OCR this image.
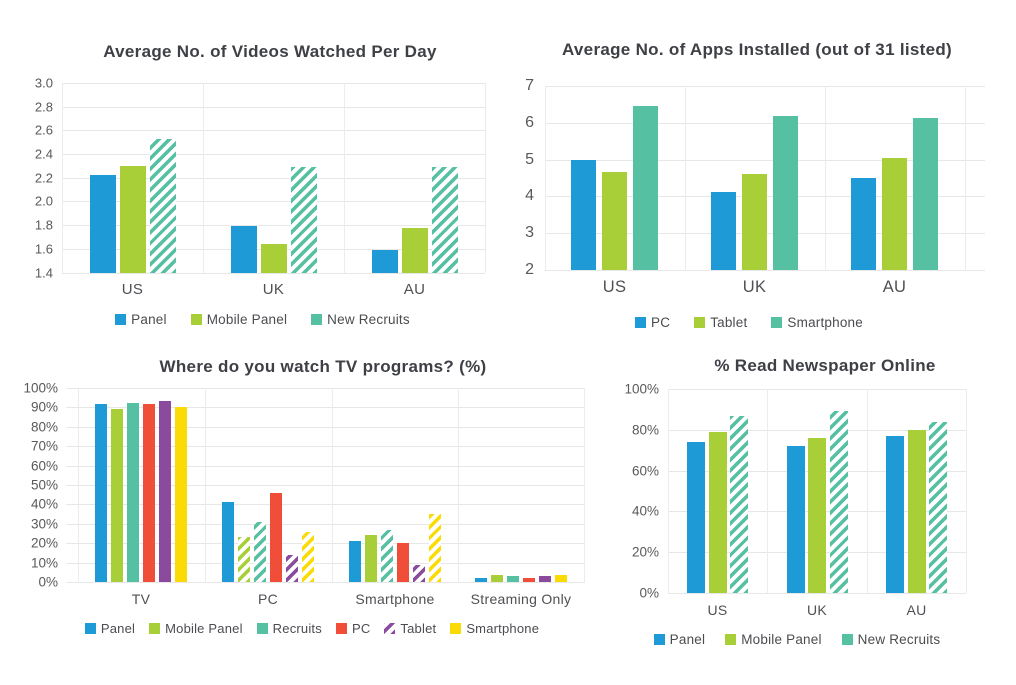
Average No. of Videos Watched Per Day
1.4
1.6
1.8
2.0
2.2
2.4
2.6
2.8
3.0
US	UK	AU
Panel	Mobile Panel	New Recruits
Average No. of Apps Installed (out of 31 listed)
2
3
4
5
6
7
US	UK	AU
PC	Tablet	Smartphone
Where do you watch TV programs? (%)
0%
10%
20%
30%
40%
50%
60%
70%
80%
90%
100%
TV	PC	Smartphone	Streaming Only
Panel Mobile Panel Recruits PC Tablet Smartphone
% Read Newspaper Online
0%
20%
40%
60%
80%
100%
US	UK	AU
Panel	Mobile Panel	New Recruits
